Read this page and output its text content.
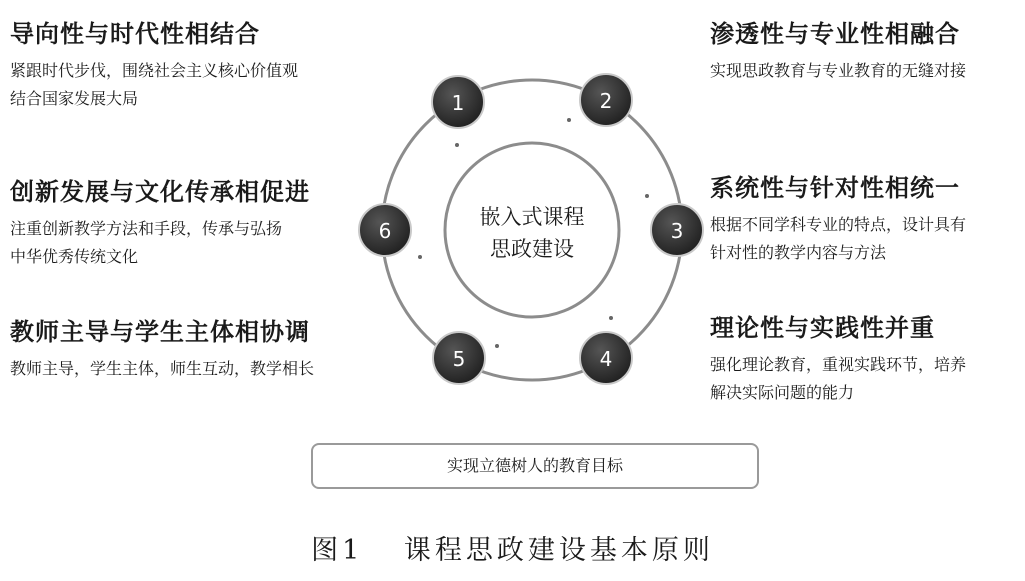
嵌入式课程
思政建设
1	2
3
4
5
6
导向性与时代性相结合
紧跟时代步伐，围绕社会主义核心价值观
结合国家发展大局
渗透性与专业性相融合
实现思政教育与专业教育的无缝对接
系统性与针对性相统一
根据不同学科专业的特点，设计具有
针对性的教学内容与方法
理论性与实践性并重
强化理论教育，重视实践环节，培养
解决实际问题的能力
教师主导与学生主体相协调
教师主导，学生主体，师生互动，教学相长
创新发展与文化传承相促进
注重创新教学方法和手段，传承与弘扬
中华优秀传统文化
实现立德树人的教育目标
图1 课程思政建设基本原则
